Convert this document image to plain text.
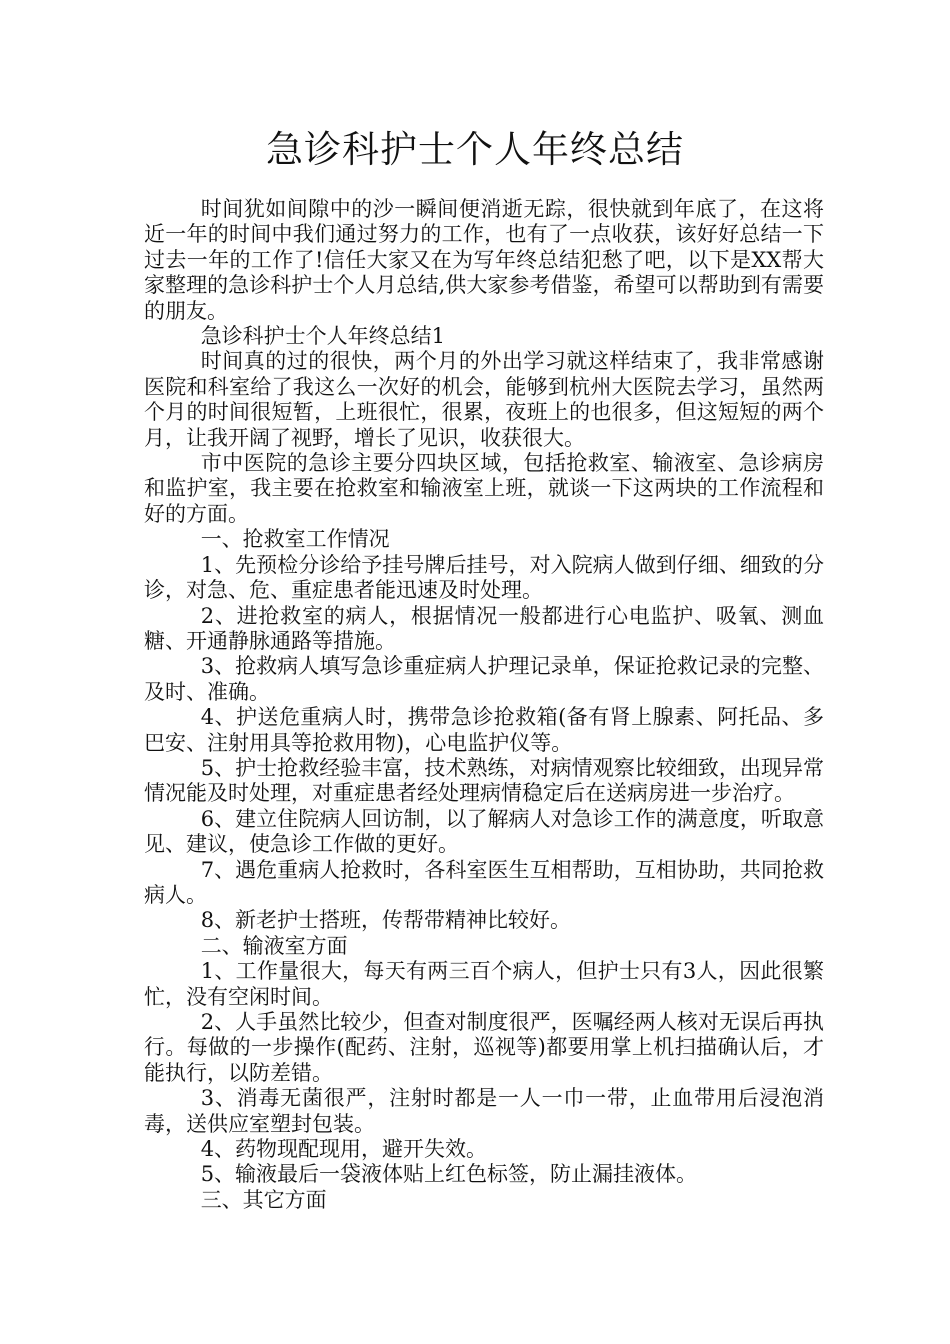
急诊科护士个人年终总结

时间犹如间隙中的沙一瞬间便消逝无踪，很快就到年底了，在这将近一年的时间中我们通过努力的工作，也有了一点收获，该好好总结一下过去一年的工作了!信任大家又在为写年终总结犯愁了吧，以下是XX帮大家整理的急诊科护士个人月总结,供大家参考借鉴，希望可以帮助到有需要的朋友。

急诊科护士个人年终总结1

时间真的过的很快，两个月的外出学习就这样结束了，我非常感谢医院和科室给了我这么一次好的机会，能够到杭州大医院去学习，虽然两个月的时间很短暂，上班很忙，很累，夜班上的也很多，但这短短的两个月，让我开阔了视野，增长了见识，收获很大。

市中医院的急诊主要分四块区域，包括抢救室、输液室、急诊病房和监护室，我主要在抢救室和输液室上班，就谈一下这两块的工作流程和好的方面。

一、抢救室工作情况

1、先预检分诊给予挂号牌后挂号，对入院病人做到仔细、细致的分诊，对急、危、重症患者能迅速及时处理。

2、进抢救室的病人，根据情况一般都进行心电监护、吸氧、测血糖、开通静脉通路等措施。

3、抢救病人填写急诊重症病人护理记录单，保证抢救记录的完整、及时、准确。

4、护送危重病人时，携带急诊抢救箱(备有肾上腺素、阿托品、多巴安、注射用具等抢救用物)，心电监护仪等。

5、护士抢救经验丰富，技术熟练，对病情观察比较细致，出现异常情况能及时处理，对重症患者经处理病情稳定后在送病房进一步治疗。

6、建立住院病人回访制，以了解病人对急诊工作的满意度，听取意见、建议，使急诊工作做的更好。

7、遇危重病人抢救时，各科室医生互相帮助，互相协助，共同抢救病人。

8、新老护士搭班，传帮带精神比较好。

二、输液室方面

1、工作量很大，每天有两三百个病人，但护士只有3人，因此很繁忙，没有空闲时间。

2、人手虽然比较少，但查对制度很严，医嘱经两人核对无误后再执行。每做的一步操作(配药、注射，巡视等)都要用掌上机扫描确认后，才能执行，以防差错。

3、消毒无菌很严，注射时都是一人一巾一带，止血带用后浸泡消毒，送供应室塑封包装。

4、药物现配现用，避开失效。

5、输液最后一袋液体贴上红色标签，防止漏挂液体。

三、其它方面
